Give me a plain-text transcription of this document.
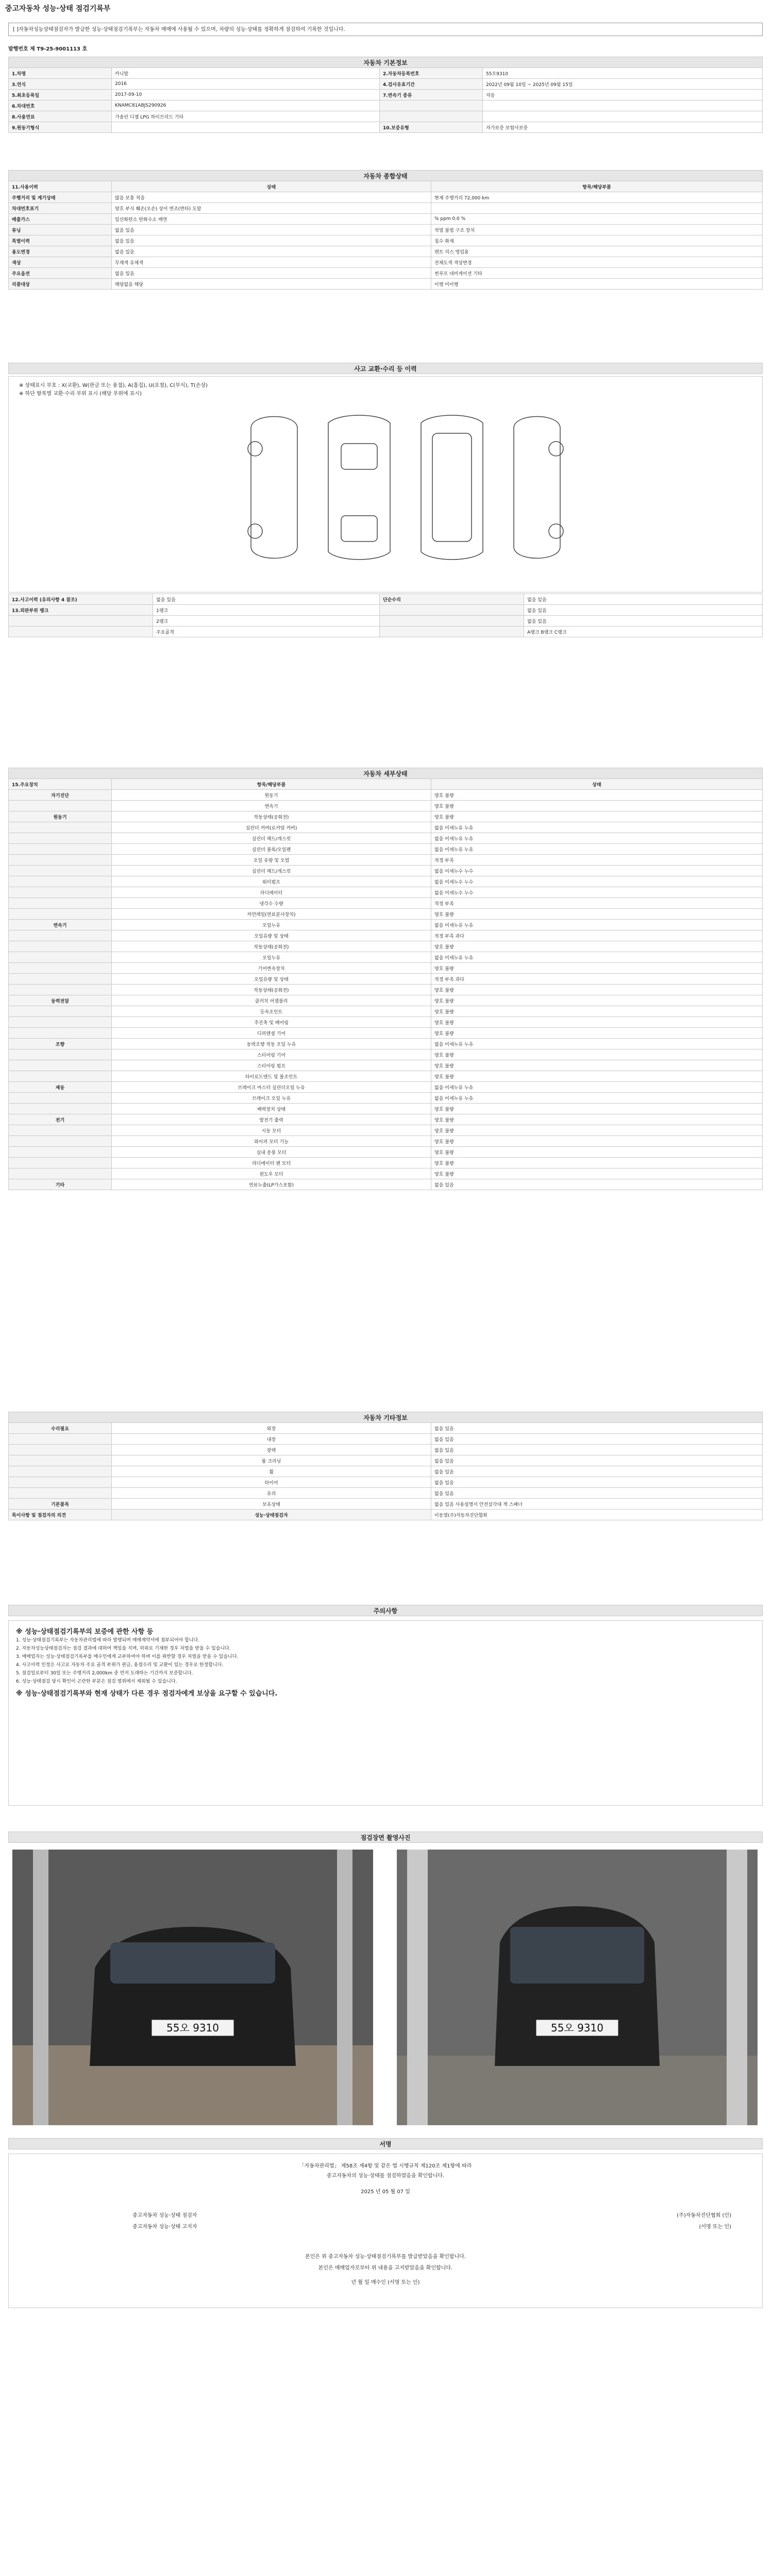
중고자동차 성능·상태 점검기록부
[ ]자동차성능상태점검자가 발급한 성능·상태점검기록부는 자동차 매매에 사용될 수 있으며, 차량의 성능·상태를 정확하게 점검하여 기록한 것입니다.
발행번호 제 T9-25-9001113 호
자동차 기본정보			
1.차명	카니발	2.자동차등록번호	55오9310
3.연식	2016	4.검사유효기간	2022년 09월 10일 ~ 2025년 09월 15일
5.최초등록일	2017-09-10	7.변속기 종류	자동
6.차대번호	KNAMC81ABJS290926		
8.사용연료	가솔린 디젤 LPG 하이브리드 기타		
9.원동기형식		10.보증유형	자가보증 보험사보증
자동차 종합상태		
11.사용이력	상태	항목/해당부품
주행거리 및 계기상태	많음 보통 적음	현재 주행거리 72,000 km
차대번호표기	양호 부식 훼손(오손) 상이 변조(변타) 도말	
배출가스	일산화탄소 탄화수소 매연	% ppm 0.0 %
튜닝	없음 있음	적법 불법 구조 장치
특별이력	없음 있음	침수 화재
용도변경	없음 있음	렌트 리스 영업용
색상	무채색 유채색	전체도색 색상변경
주요옵션	없음 있음	썬루프 네비게이션 기타
리콜대상	해당없음 해당	이행 미이행
사고 교환·수리 등 이력
※ 상태표시 부호 : X(교환), W(판금 또는 용접), A(흠집), U(요철), C(부식), T(손상)
※ 하단 항목별 교환·수리 부위 표시 (해당 부위에 표시)
12.사고이력 (유의사항 4 참조)	없음 있음	단순수리	없음 있음
13.외판부위 랭크	1랭크		없음 있음
	2랭크		없음 있음
	주요골격		A랭크 B랭크 C랭크
자동차 세부상태		
15.주요장치	항목/해당부품	상태
자기진단	원동기	양호 불량
	변속기	양호 불량
원동기	작동상태(공회전)	양호 불량
	실린더 커버(로커암 커버)	없음 미세누유 누유
	실린더 헤드/개스킷	없음 미세누유 누유
	실린더 블록/오일팬	없음 미세누유 누유
	오일 유량 및 오염	적정 부족
	실린더 헤드/개스킷	없음 미세누수 누수
	워터펌프	없음 미세누수 누수
	라디에이터	없음 미세누수 누수
	냉각수 수량	적정 부족
	커먼레일(연료분사장치)	양호 불량
변속기	오일누유	없음 미세누유 누유
	오일유량 및 상태	적정 부족 과다
	작동상태(공회전)	양호 불량
	오일누유	없음 미세누유 누유
	기어변속장치	양호 불량
	오일유량 및 상태	적정 부족 과다
	작동상태(공회전)	양호 불량
동력전달	클러치 어셈블리	양호 불량
	등속조인트	양호 불량
	추진축 및 베어링	양호 불량
	디퍼렌셜 기어	양호 불량
조향	동력조향 작동 오일 누유	없음 미세누유 누유
	스티어링 기어	양호 불량
	스티어링 펌프	양호 불량
	타이로드엔드 및 볼조인트	양호 불량
제동	브레이크 마스터 실린더오일 누유	없음 미세누유 누유
	브레이크 오일 누유	없음 미세누유 누유
	배력장치 상태	양호 불량
전기	발전기 출력	양호 불량
	시동 모터	양호 불량
	와이퍼 모터 기능	양호 불량
	실내 송풍 모터	양호 불량
	라디에이터 팬 모터	양호 불량
	윈도우 모터	양호 불량
기타	연료누출(LP가스포함)	없음 있음
자동차 기타정보		
수리필요	외장	없음 있음
	내장	없음 있음
	광택	없음 있음
	룸 크리닝	없음 있음
	휠	없음 있음
	타이어	없음 있음
	유리	없음 있음
기본품목	보유상태	없음 있음 사용설명서 안전삼각대 잭 스패너
특이사항 및 점검자의 의견	성능·상태점검자	이동열(주)자동차진단협회
주의사항

※ 성능·상태점검기록부의 보증에 관한 사항 등

1. 성능·상태점검기록부는 자동차관리법에 따라 발행되며 매매계약서에 첨부되어야 합니다.

2. 자동차성능상태점검자는 점검 결과에 대하여 책임을 지며, 허위로 기재한 경우 처벌을 받을 수 있습니다.

3. 매매업자는 성능·상태점검기록부를 매수인에게 교부하여야 하며 이를 위반할 경우 처벌을 받을 수 있습니다.

4. 사고이력 인정은 사고로 자동차 주요 골격 부위가 판금, 용접수리 및 교환이 있는 경우로 한정합니다.

5. 점검일로부터 30일 또는 주행거리 2,000km 중 먼저 도래하는 기간까지 보증합니다.

6. 성능·상태점검 당시 확인이 곤란한 부분은 점검 범위에서 제외될 수 있습니다.

※ 성능·상태점검기록부와 현재 상태가 다른 경우 점검자에게 보상을 요구할 수 있습니다.

점검장면 촬영사진
55오 9310	55오 9310
서명
「자동차관리법」 제58조 제4항 및 같은 법 시행규칙 제120조 제1항에 따라
중고자동차의 성능·상태를 점검하였음을 확인합니다.
2025 년 05 월 07 일
중고자동차 성능·상태 점검자	(주)자동차진단협회 (인)
중고자동차 성능·상태 고지자	(서명 또는 인)
본인은 위 중고자동차 성능·상태점검기록부를 발급받았음을 확인합니다.
본인은 매매업자로부터 위 내용을 고지받았음을 확인합니다.
년 월 일 매수인 (서명 또는 인)
